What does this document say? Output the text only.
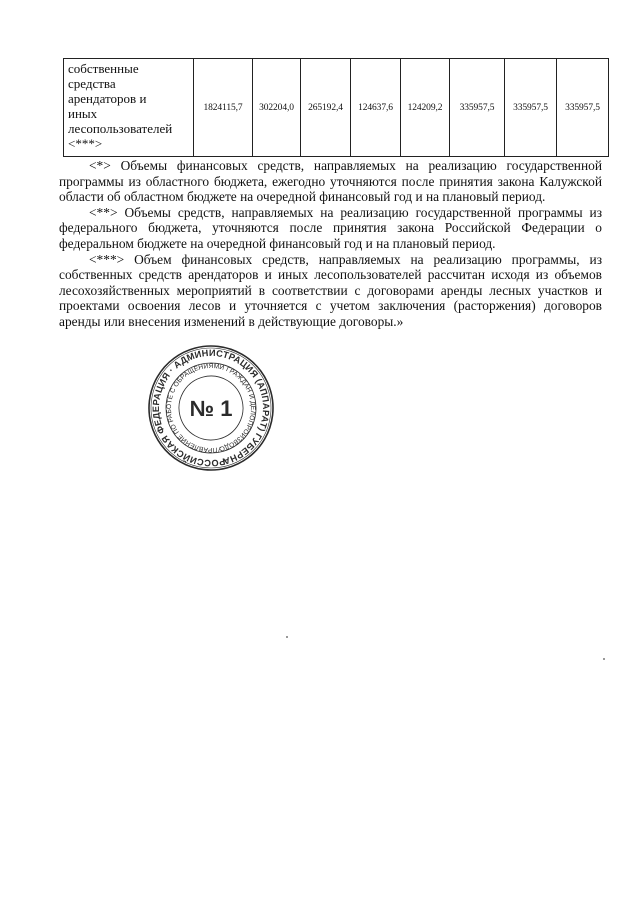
собственные
средства
арендаторов и
иных
лесопользователей
<***>
	1824115,7	302204,0	265192,4	124637,6	124209,2	335957,5	335957,5	335957,5

<*> Объемы финансовых средств, направляемых на реализацию государственной программы из областного бюджета, ежегодно уточняются после принятия закона Калужской области об областном бюджете на очередной финансовый год и на плановый период.

<**> Объемы средств, направляемых на реализацию государственной программы из федерального бюджета, уточняются после принятия закона Российской Федерации о федеральном бюджете на очередной финансовый год и на плановый период.

<***> Объем финансовых средств, направляемых на реализацию программы, из собственных средств арендаторов и иных лесопользователей рассчитан исходя из объемов лесохозяйственных мероприятий в соответствии с договорами аренды лесных участков и проектами освоения лесов и уточняется с учетом заключения (расторжения) договоров аренды или внесения изменений в действующие договоры.»

РОССИЙСКАЯ ФЕДЕРАЦИЯ · АДМИНИСТРАЦИЯ (АППАРАТ) ГУБЕРНАТОРА
УПРАВЛЕНИЕ ПО РАБОТЕ С ОБРАЩЕНИЯМИ ГРАЖДАН И ДЕЛОПРОИЗВОДСТВУ
№ 1
